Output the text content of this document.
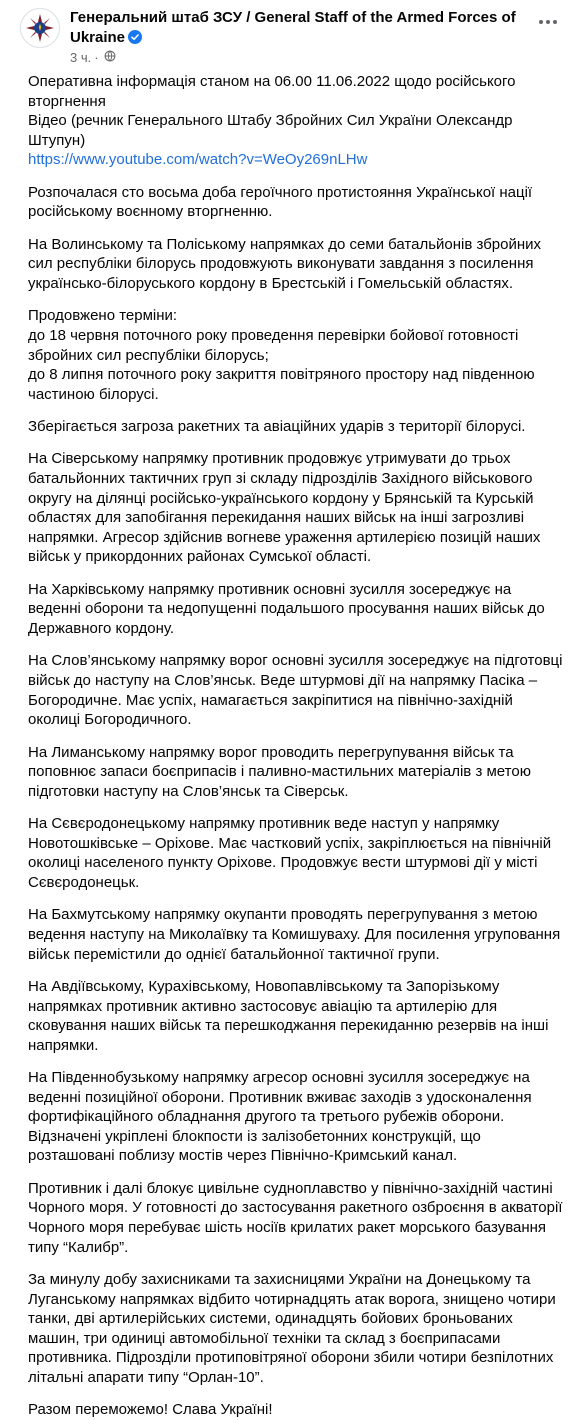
Генеральний штаб ЗСУ / General Staff of the Armed Forces of Ukraine
3 ч. ·

Оперативна інформація станом на 06.00 11.06.2022 щодо російського вторгнення
Відео (речник Генерального Штабу Збройних Сил України Олександр Штупун)
https://www.youtube.com/watch?v=WeOy269nLHw

Розпочалася сто восьма доба героїчного протистояння Української нації російському воєнному вторгненню.

На Волинському та Поліському напрямках до семи батальйонів збройних сил республіки білорусь продовжують виконувати завдання з посилення українсько-білоруського кордону в Брестській і Гомельській областях.

Продовжено терміни:
до 18 червня поточного року проведення перевірки бойової готовності збройних сил республіки білорусь;
до 8 липня поточного року закриття повітряного простору над південною частиною білорусі.

Зберігається загроза ракетних та авіаційних ударів з території білорусі.

На Сіверському напрямку противник продовжує утримувати до трьох батальйонних тактичних груп зі складу підрозділів Західного військового округу на ділянці російсько-українського кордону у Брянській та Курській областях для запобігання перекидання наших військ на інші загрозливі напрямки. Агресор здійснив вогневе ураження артилерією позицій наших військ у прикордонних районах Сумської області.

На Харківському напрямку противник основні зусилля зосереджує на веденні оборони та недопущенні подальшого просування наших військ до Державного кордону.

На Слов’янському напрямку ворог основні зусилля зосереджує на підготовці військ до наступу на Слов’янськ. Веде штурмові дії на напрямку Пасіка – Богородичне. Має успіх, намагається закріпитися на північно-західній околиці Богородичного.

На Лиманському напрямку ворог проводить перегрупування військ та поповнює запаси боєприпасів і паливно-мастильних матеріалів з метою підготовки наступу на Слов’янськ та Сіверськ.

На Сєвєродонецькому напрямку противник веде наступ у напрямку Новотошківське – Оріхове. Має частковий успіх, закріплюється на північній околиці населеного пункту Оріхове. Продовжує вести штурмові дії у місті Сєвєродонецьк.

На Бахмутському напрямку окупанти проводять перегрупування з метою ведення наступу на Миколаївку та Комишуваху. Для посилення угруповання військ перемістили до однієї батальйонної тактичної групи.

На Авдіївському, Курахівському, Новопавлівському та Запорізькому напрямках противник активно застосовує авіацію та артилерію для сковування наших військ та перешкоджання перекиданню резервів на інші напрямки.

На Південнобузькому напрямку агресор основні зусилля зосереджує на веденні позиційної оборони. Противник вживає заходів з удосконалення фортифікаційного обладнання другого та третього рубежів оборони. Відзначені укріплені блокпости із залізобетонних конструкцій, що розташовані поблизу мостів через Північно-Кримський канал.

Противник і далі блокує цивільне судноплавство у північно-західній частині Чорного моря. У готовності до застосування ракетного озброєння в акваторії Чорного моря перебуває шість носіїв крилатих ракет морського базування типу “Калибр”.

За минулу добу захисниками та захисницями України на Донецькому та Луганському напрямках відбито чотирнадцять атак ворога, знищено чотири танки, дві артилерійських системи, одинадцять бойових броньованих машин, три одиниці автомобільної техніки та склад з боєприпасами противника. Підрозділи протиповітряної оборони збили чотири безпілотних літальні апарати типу “Орлан-10”.

Разом переможемо! Слава Україні!
